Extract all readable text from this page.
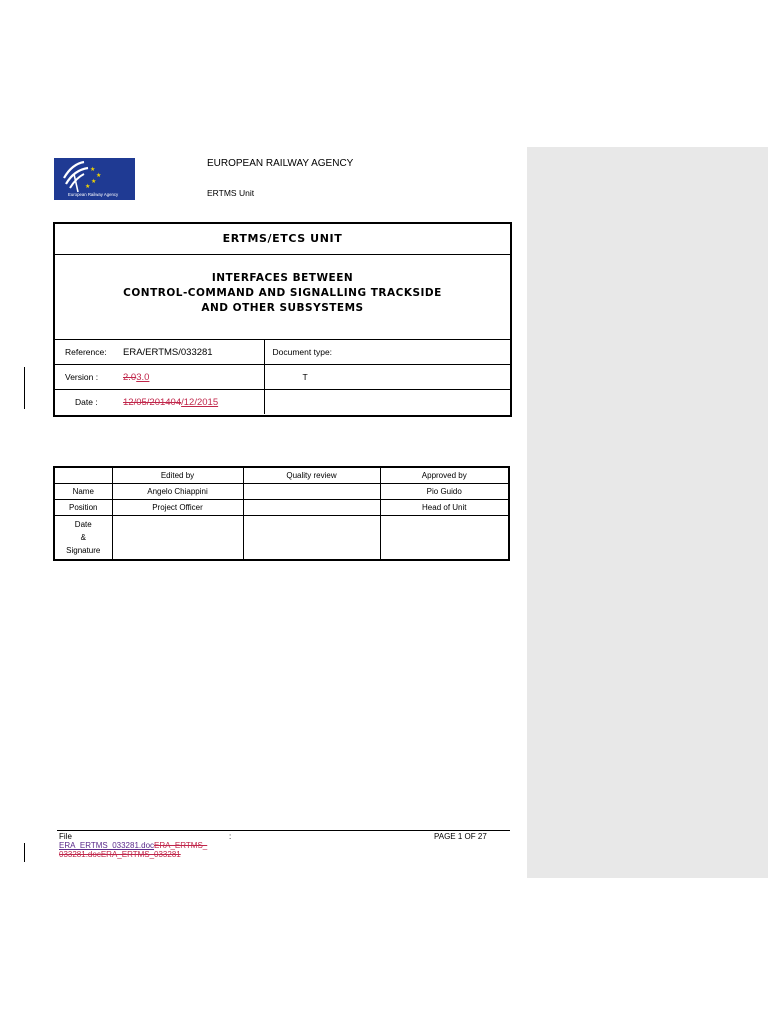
★
★
★
★
European Railway Agency
EUROPEAN RAILWAY AGENCY
ERTMS Unit
ERTMS/ETCS UNIT
INTERFACES BETWEEN
CONTROL-COMMAND AND SIGNALLING TRACKSIDE
AND OTHER SUBSYSTEMS
Reference:	ERA/ERTMS/033281	Document type:
Version :	2.03.0	T
Date :	12/05/201404/12/2015	
	Edited by	Quality review	Approved by
Name	Angelo Chiappini		Pio Guido
Position	Project Officer		Head of Unit

Date
&
Signature			

File	:
ERA_ERTMS_033281.docERA_ERTMS_
033281.docERA_ERTMS_033281
PAGE 1 OF 27
